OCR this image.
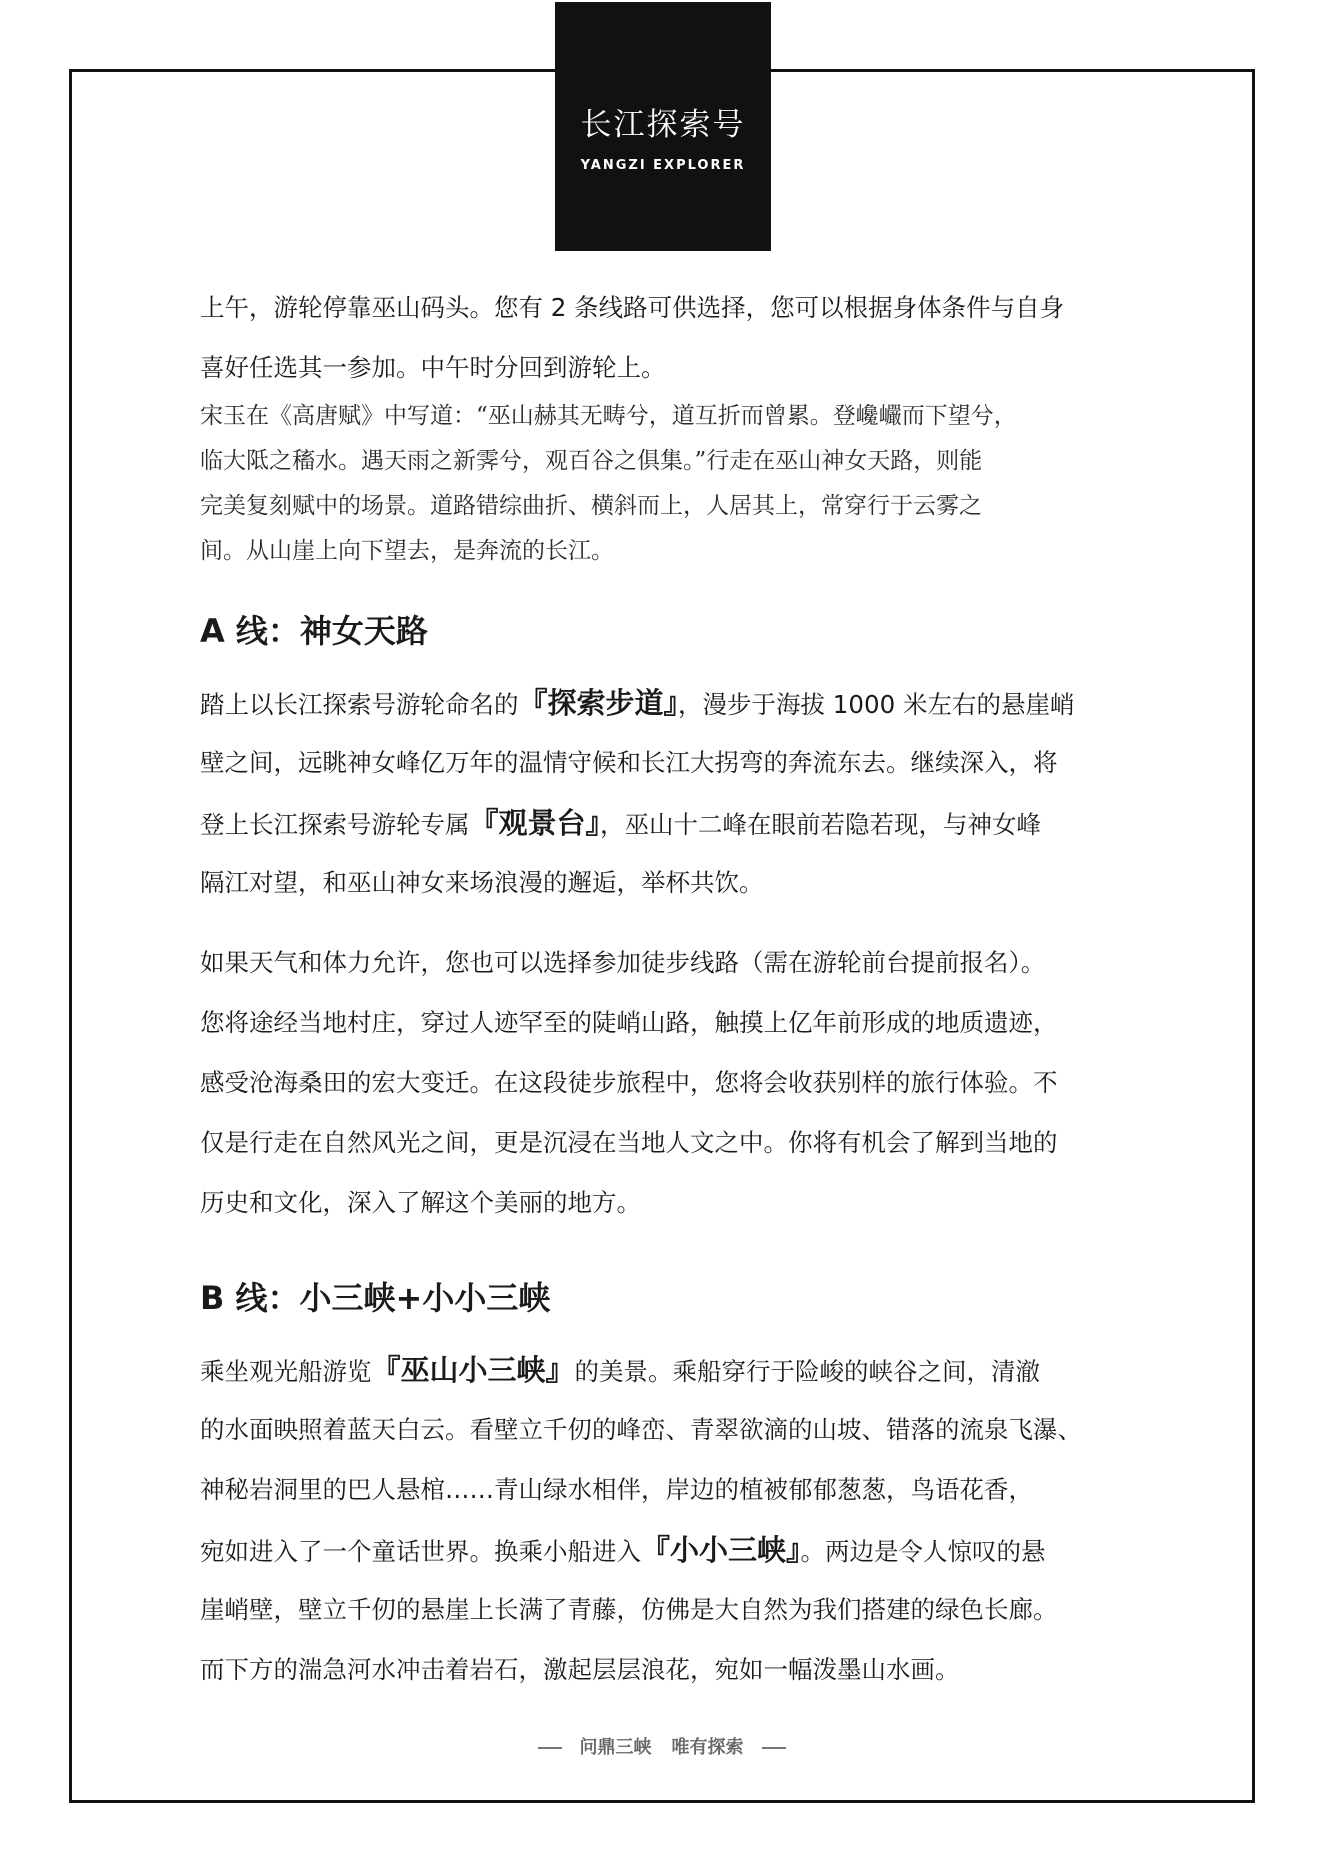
长江探索号
YANGZI EXPLORER
上午，游轮停靠巫山码头。您有 2 条线路可供选择，您可以根据身体条件与自身
喜好任选其一参加。中午时分回到游轮上。
宋玉在《高唐赋》中写道：“巫山赫其无畴兮，道互折而曾累。登巉巗而下望兮，
临大阺之稸水。遇天雨之新霁兮，观百谷之俱集。”行走在巫山神女天路，则能
完美复刻赋中的场景。道路错综曲折、横斜而上，人居其上，常穿行于云雾之
间。从山崖上向下望去，是奔流的长江。
A 线：神女天路
踏上以长江探索号游轮命名的『探索步道』，漫步于海拔 1000 米左右的悬崖峭
壁之间，远眺神女峰亿万年的温情守候和长江大拐弯的奔流东去。继续深入，将
登上长江探索号游轮专属『观景台』，巫山十二峰在眼前若隐若现，与神女峰
隔江对望，和巫山神女来场浪漫的邂逅，举杯共饮。
如果天气和体力允许，您也可以选择参加徒步线路（需在游轮前台提前报名）。
您将途经当地村庄，穿过人迹罕至的陡峭山路，触摸上亿年前形成的地质遗迹，
感受沧海桑田的宏大变迁。在这段徒步旅程中，您将会收获别样的旅行体验。不
仅是行走在自然风光之间，更是沉浸在当地人文之中。你将有机会了解到当地的
历史和文化，深入了解这个美丽的地方。
B 线：小三峡+小小三峡
乘坐观光船游览『巫山小三峡』的美景。乘船穿行于险峻的峡谷之间，清澈
的水面映照着蓝天白云。看壁立千仞的峰峦、青翠欲滴的山坡、错落的流泉飞瀑、
神秘岩洞里的巴人悬棺……青山绿水相伴，岸边的植被郁郁葱葱，鸟语花香，
宛如进入了一个童话世界。换乘小船进入『小小三峡』。两边是令人惊叹的悬
崖峭壁，壁立千仞的悬崖上长满了青藤，仿佛是大自然为我们搭建的绿色长廊。
而下方的湍急河水冲击着岩石，激起层层浪花，宛如一幅泼墨山水画。
问鼎三峡 唯有探索
